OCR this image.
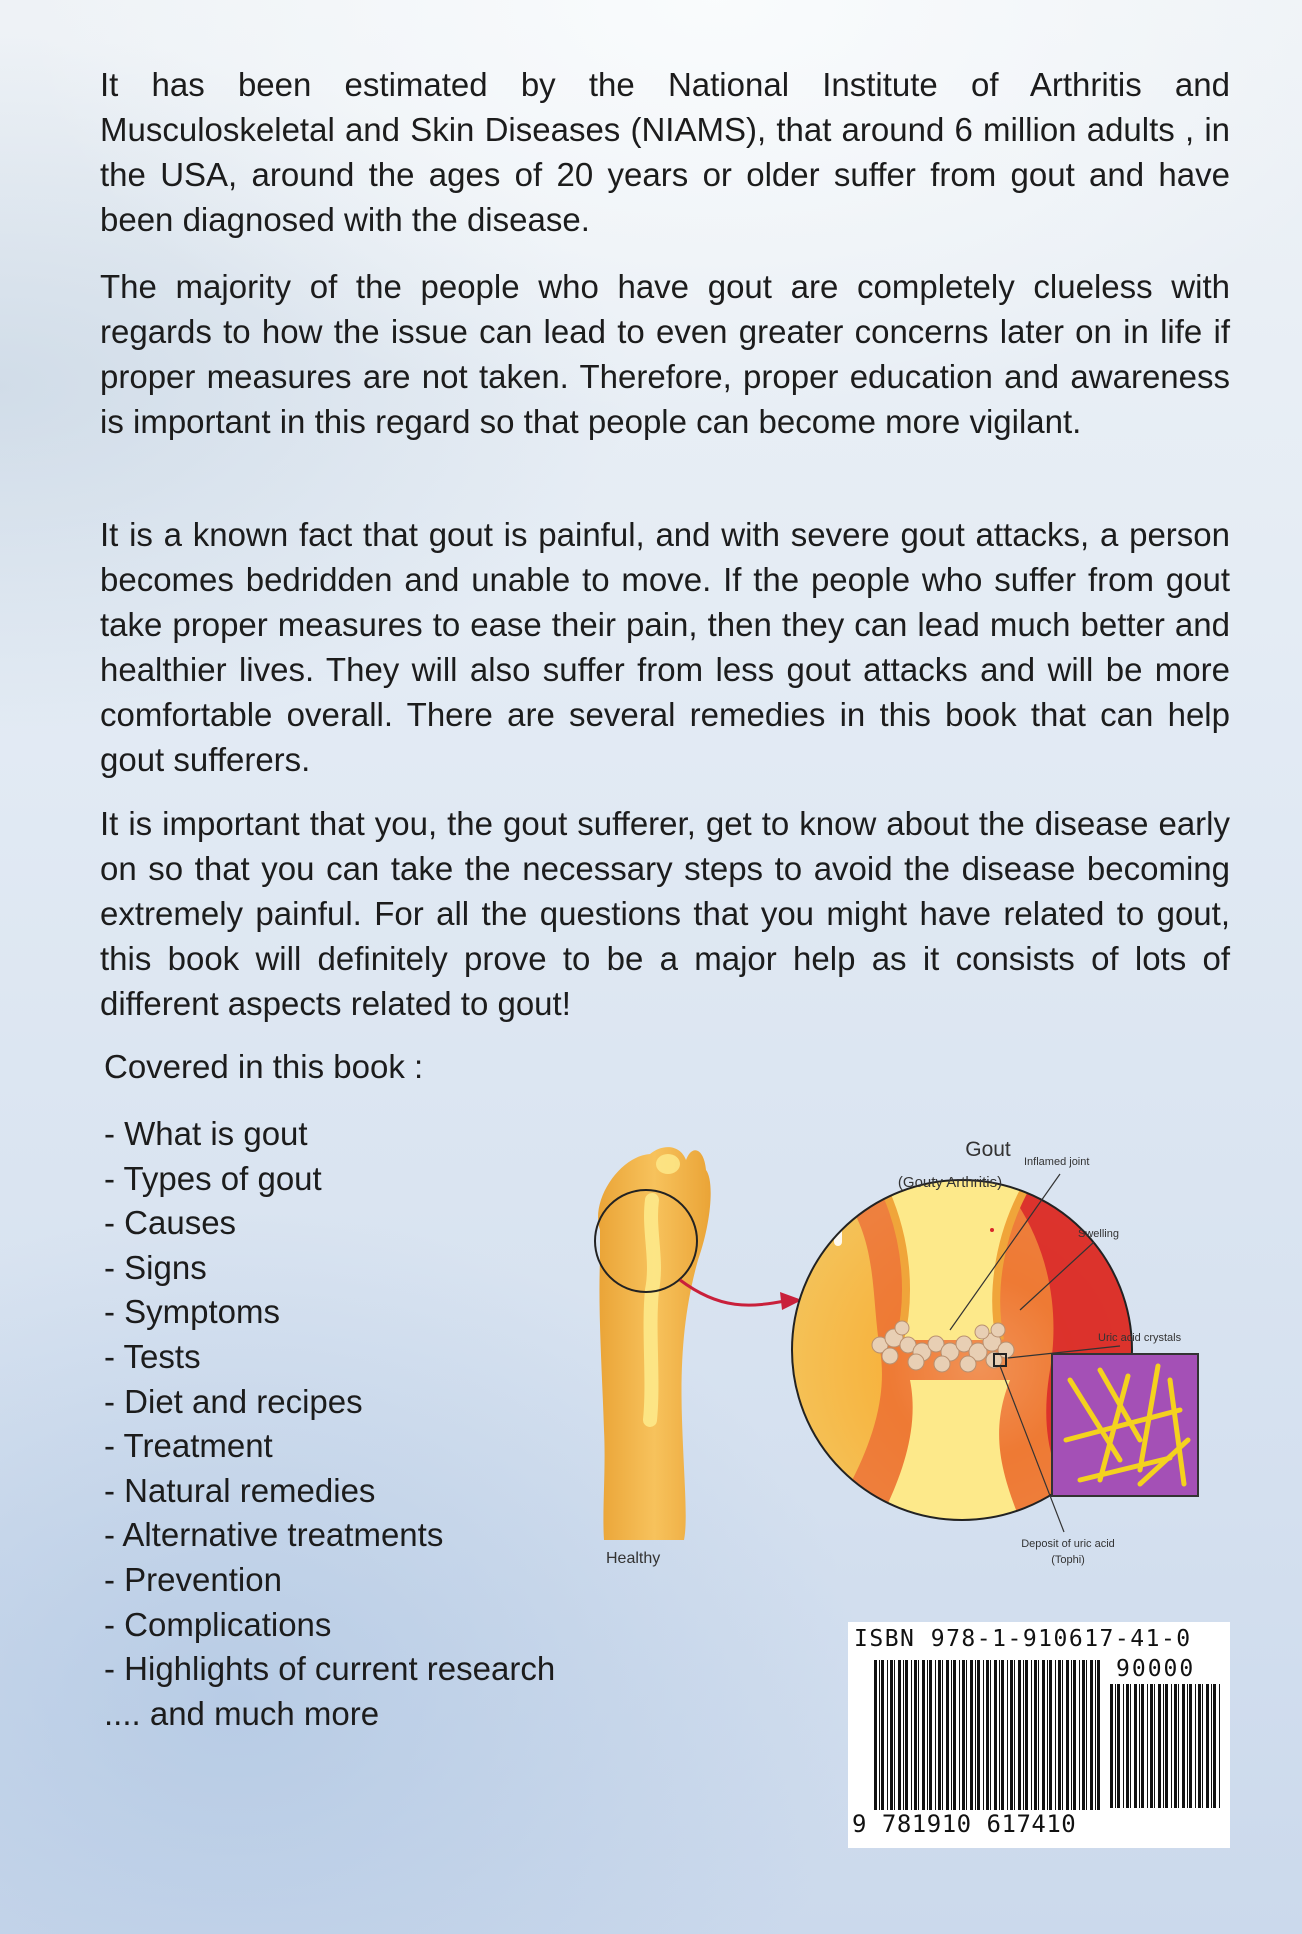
It has been estimated by the National Institute of Arthritis and Musculoskeletal and Skin Diseases (NIAMS), that around 6 million adults , in the USA, around the ages of 20 years or older suffer from gout and have been diagnosed with the disease.

The majority of the people who have gout are completely clueless with regards to how the issue can lead to even greater concerns later on in life if proper measures are not taken. Therefore, proper education and awareness is important in this regard so that people can become more vigilant.

It is a known fact that gout is painful, and with severe gout attacks, a person becomes bedridden and unable to move. If the people who suffer from gout take proper measures to ease their pain, then they can lead much better and healthier lives. They will also suffer from less gout attacks and will be more comfortable overall. There are several remedies in this book that can help gout sufferers.

It is important that you, the gout sufferer, get to know about the disease early on so that you can take the necessary steps to avoid the disease becoming extremely painful. For all the questions that you might have related to gout, this book will definitely prove to be a major help as it consists of lots of different aspects related to gout!

Covered in this book :

- What is gout
- Types of gout
- Causes
- Signs
- Symptoms
- Tests
- Diet and recipes
- Treatment
- Natural remedies
- Alternative treatments
- Prevention
- Complications
- Highlights of current research
.... and much more
Gout
(Gouty Arthritis)
Inflamed joint
Swelling
Uric acid crystals
Deposit of uric acid
(Tophi)
Healthy
ISBN 978-1-910617-41-0
90000
9 781910 617410
